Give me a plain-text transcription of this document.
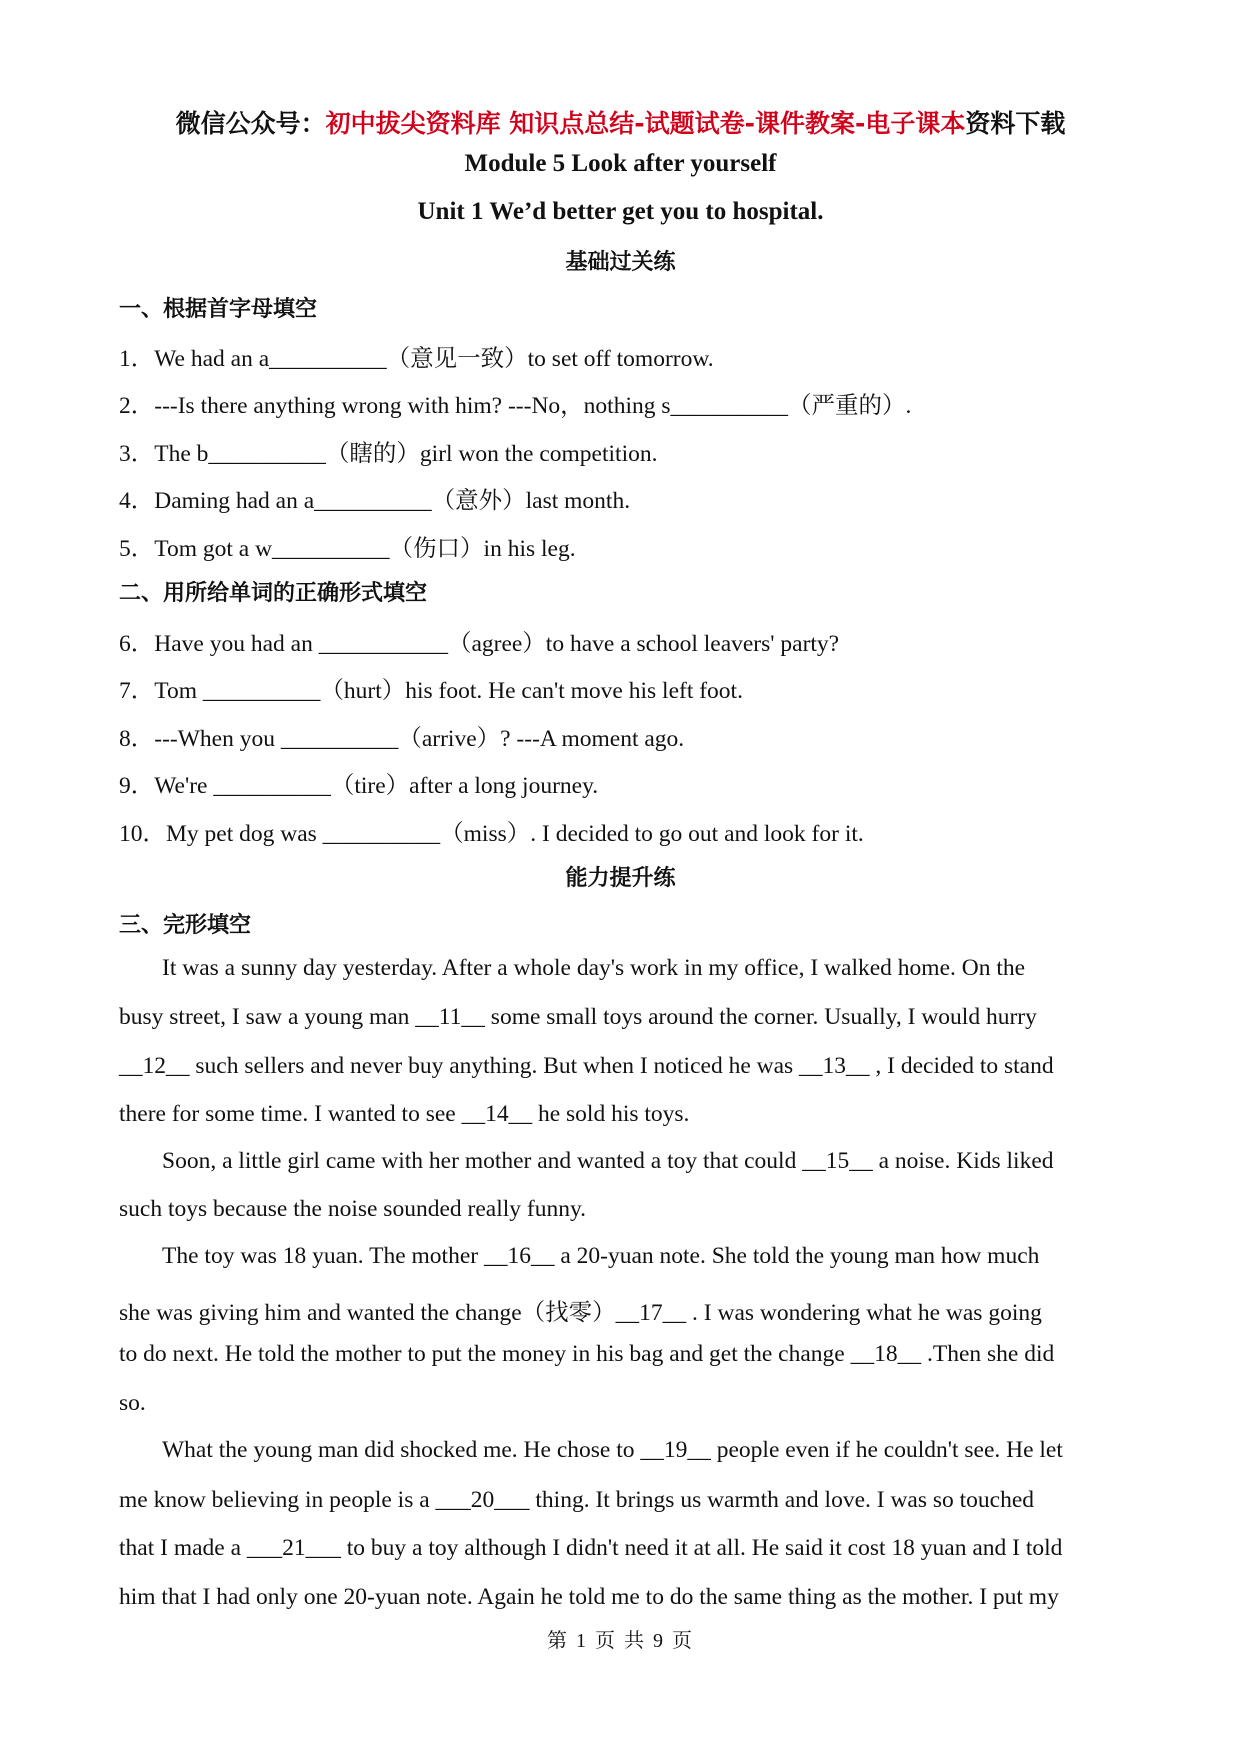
微信公众号：初中拔尖资料库 知识点总结-试题试卷-课件教案-电子课本资料下载
Module 5 Look after yourself
Unit 1 We’d better get you to hospital.
基础过关练
一、根据首字母填空
1．We had an a__________（意见一致）to set off tomorrow.
2．---Is there anything wrong with him? ---No，nothing s__________（严重的）.
3．The b__________（瞎的）girl won the competition.
4．Daming had an a__________（意外）last month.
5．Tom got a w__________（伤口）in his leg.
二、用所给单词的正确形式填空
6．Have you had an ___________（agree）to have a school leavers' party?
7．Tom __________（hurt）his foot. He can't move his left foot.
8．---When you __________（arrive）? ---A moment ago.
9．We're __________（tire）after a long journey.
10．My pet dog was __________（miss）. I decided to go out and look for it.
能力提升练
三、完形填空
It was a sunny day yesterday. After a whole day's work in my office, I walked home. On the
busy street, I saw a young man __11__ some small toys around the corner. Usually, I would hurry
__12__ such sellers and never buy anything. But when I noticed he was __13__ , I decided to stand
there for some time. I wanted to see __14__ he sold his toys.
Soon, a little girl came with her mother and wanted a toy that could __15__ a noise. Kids liked
such toys because the noise sounded really funny.
The toy was 18 yuan. The mother __16__ a 20-yuan note. She told the young man how much
she was giving him and wanted the change（找零）__17__ . I was wondering what he was going
to do next. He told the mother to put the money in his bag and get the change __18__ .Then she did
so.
What the young man did shocked me. He chose to __19__ people even if he couldn't see. He let
me know believing in people is a ___20___ thing. It brings us warmth and love. I was so touched
that I made a ___21___ to buy a toy although I didn't need it at all. He said it cost 18 yuan and I told
him that I had only one 20-yuan note. Again he told me to do the same thing as the mother. I put my
第 1 页 共 9 页
